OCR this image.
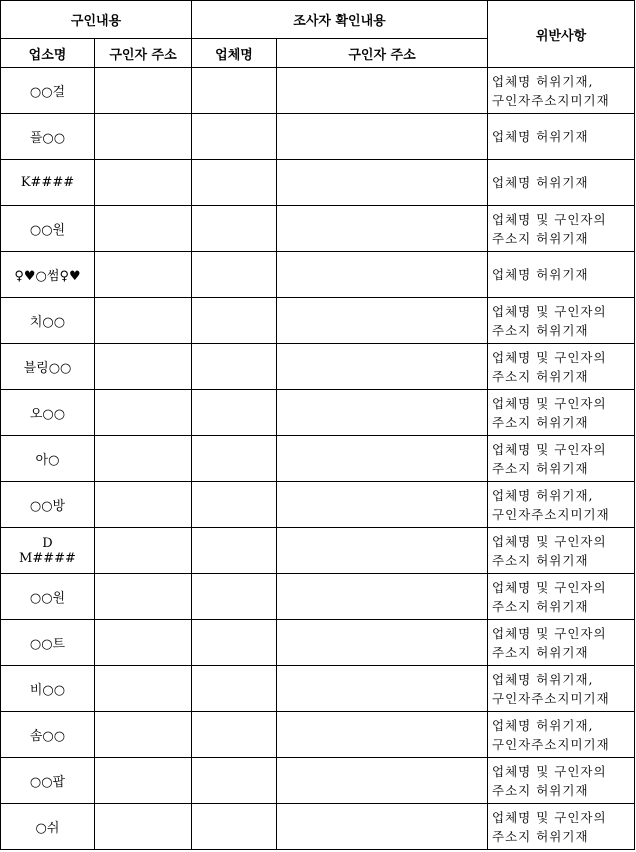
구인내용		조사자 확인내용		위반사항
업소명	구인자 주소	업체명	구인자 주소	

○○걸				업체명 허위기재,
구인자주소지미기재

플○○				업체명 허위기재

K####				업체명 허위기재

○○원				업체명 및 구인자의
주소지 허위기재

♀♥○썸♀♥				업체명 허위기재

치○○				업체명 및 구인자의
주소지 허위기재

블링○○				업체명 및 구인자의
주소지 허위기재

오○○				업체명 및 구인자의
주소지 허위기재

아○				업체명 및 구인자의
주소지 허위기재

○○방				업체명 허위기재,
구인자주소지미기재

D
M####				업체명 및 구인자의
주소지 허위기재

○○원				업체명 및 구인자의
주소지 허위기재

○○트				업체명 및 구인자의
주소지 허위기재

비○○				업체명 허위기재,
구인자주소지미기재

솜○○				업체명 허위기재,
구인자주소지미기재

○○팝				업체명 및 구인자의
주소지 허위기재

○쉬				업체명 및 구인자의
주소지 허위기재
